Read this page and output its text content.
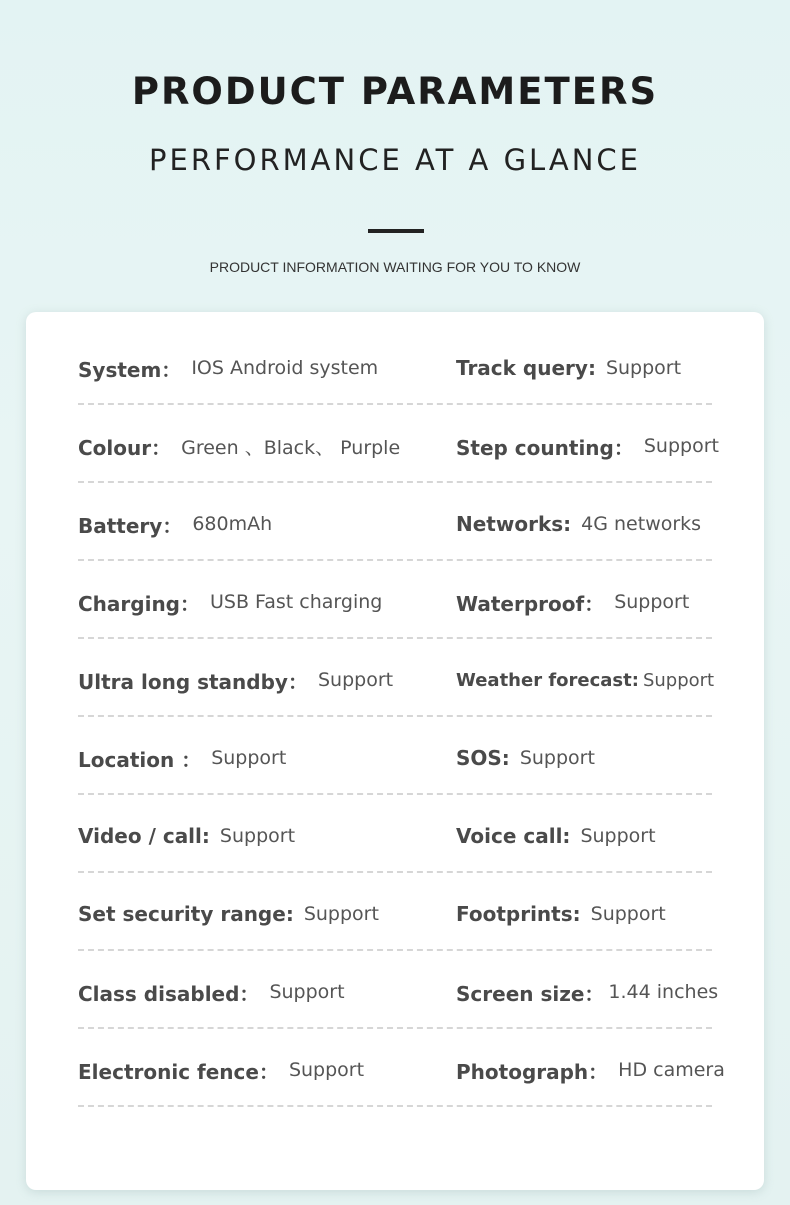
PRODUCT PARAMETERS
PERFORMANCE AT A GLANCE
PRODUCT INFORMATION WAITING FOR YOU TO KNOW
System： IOS Android system	Track query: Support
Colour： Green 、Black、 Purple	Step counting： Support
Battery： 680mAh	Networks: 4G networks
Charging： USB Fast charging	Waterproof： Support
Ultra long standby： Support	Weather forecast: Support
Location ： Support	SOS: Support
Video / call: Support	Voice call: Support
Set security range: Support	Footprints: Support
Class disabled： Support	Screen size： 1.44 inches
Electronic fence： Support	Photograph： HD camera
